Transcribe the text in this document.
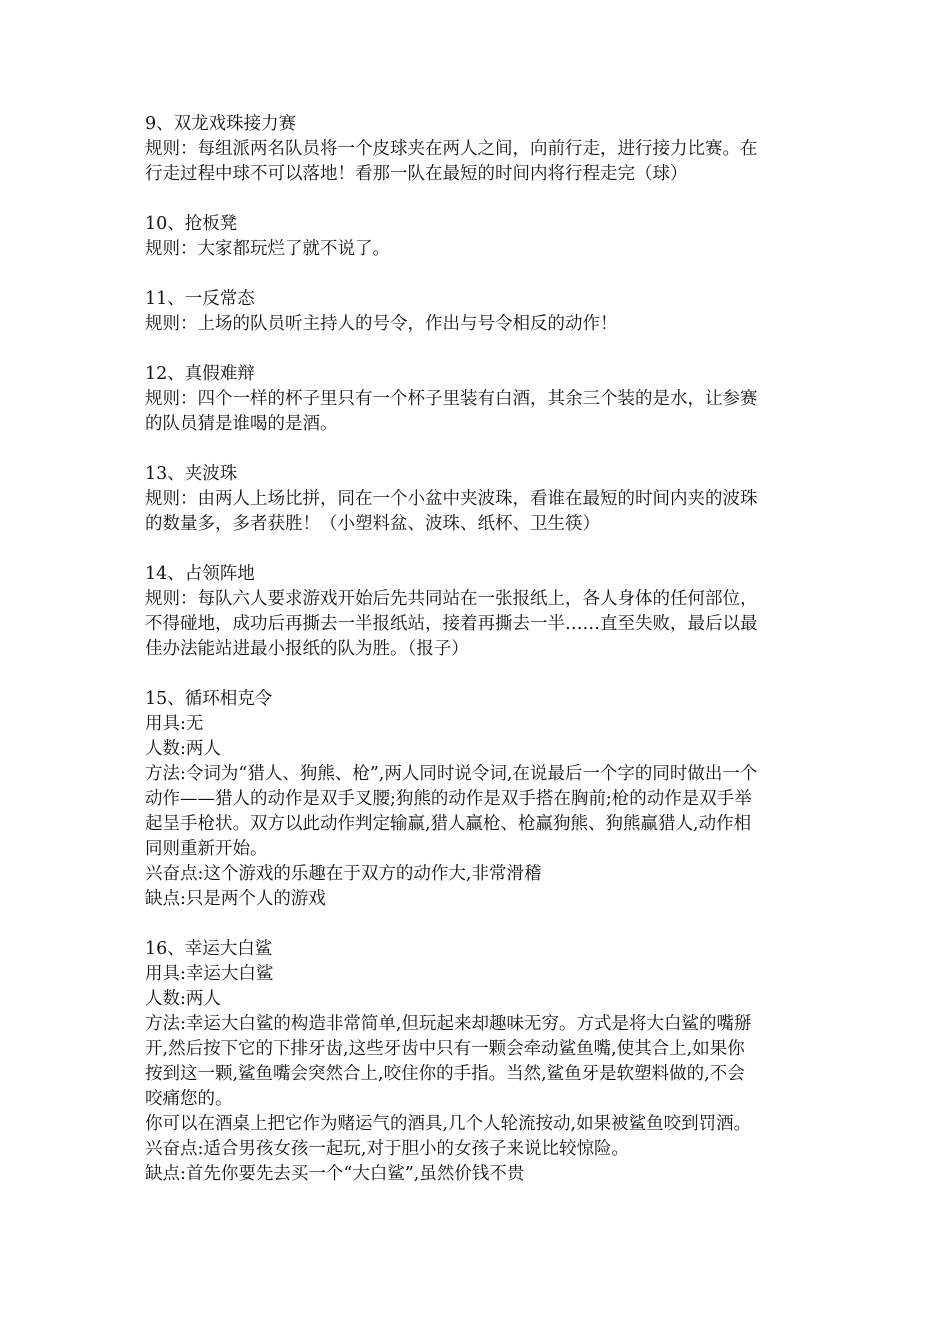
9、双龙戏珠接力赛
规则：每组派两名队员将一个皮球夹在两人之间，向前行走，进行接力比赛。在
行走过程中球不可以落地！看那一队在最短的时间内将行程走完（球）
10、抢板凳
规则：大家都玩烂了就不说了。
11、一反常态
规则：上场的队员听主持人的号令，作出与号令相反的动作！
12、真假难辩
规则：四个一样的杯子里只有一个杯子里装有白酒，其余三个装的是水，让参赛
的队员猜是谁喝的是酒。
13、夹波珠
规则：由两人上场比拼，同在一个小盆中夹波珠，看谁在最短的时间内夹的波珠
的数量多，多者获胜！（小塑料盆、波珠、纸杯、卫生筷）
14、占领阵地
规则：每队六人要求游戏开始后先共同站在一张报纸上，各人身体的任何部位，
不得碰地，成功后再撕去一半报纸站，接着再撕去一半……直至失败，最后以最
佳办法能站进最小报纸的队为胜。（报子）
15、循环相克令
用具:无
人数:两人
方法:令词为“猎人、狗熊、枪”,两人同时说令词,在说最后一个字的同时做出一个
动作——猎人的动作是双手叉腰;狗熊的动作是双手搭在胸前;枪的动作是双手举
起呈手枪状。双方以此动作判定输赢,猎人赢枪、枪赢狗熊、狗熊赢猎人,动作相
同则重新开始。
兴奋点:这个游戏的乐趣在于双方的动作大,非常滑稽
缺点:只是两个人的游戏
16、幸运大白鲨
用具:幸运大白鲨
人数:两人
方法:幸运大白鲨的构造非常简单,但玩起来却趣味无穷。方式是将大白鲨的嘴掰
开,然后按下它的下排牙齿,这些牙齿中只有一颗会牵动鲨鱼嘴,使其合上,如果你
按到这一颗,鲨鱼嘴会突然合上,咬住你的手指。当然,鲨鱼牙是软塑料做的,不会
咬痛您的。
你可以在酒桌上把它作为赌运气的酒具,几个人轮流按动,如果被鲨鱼咬到罚酒。
兴奋点:适合男孩女孩一起玩,对于胆小的女孩子来说比较惊险。
缺点:首先你要先去买一个“大白鲨”,虽然价钱不贵
